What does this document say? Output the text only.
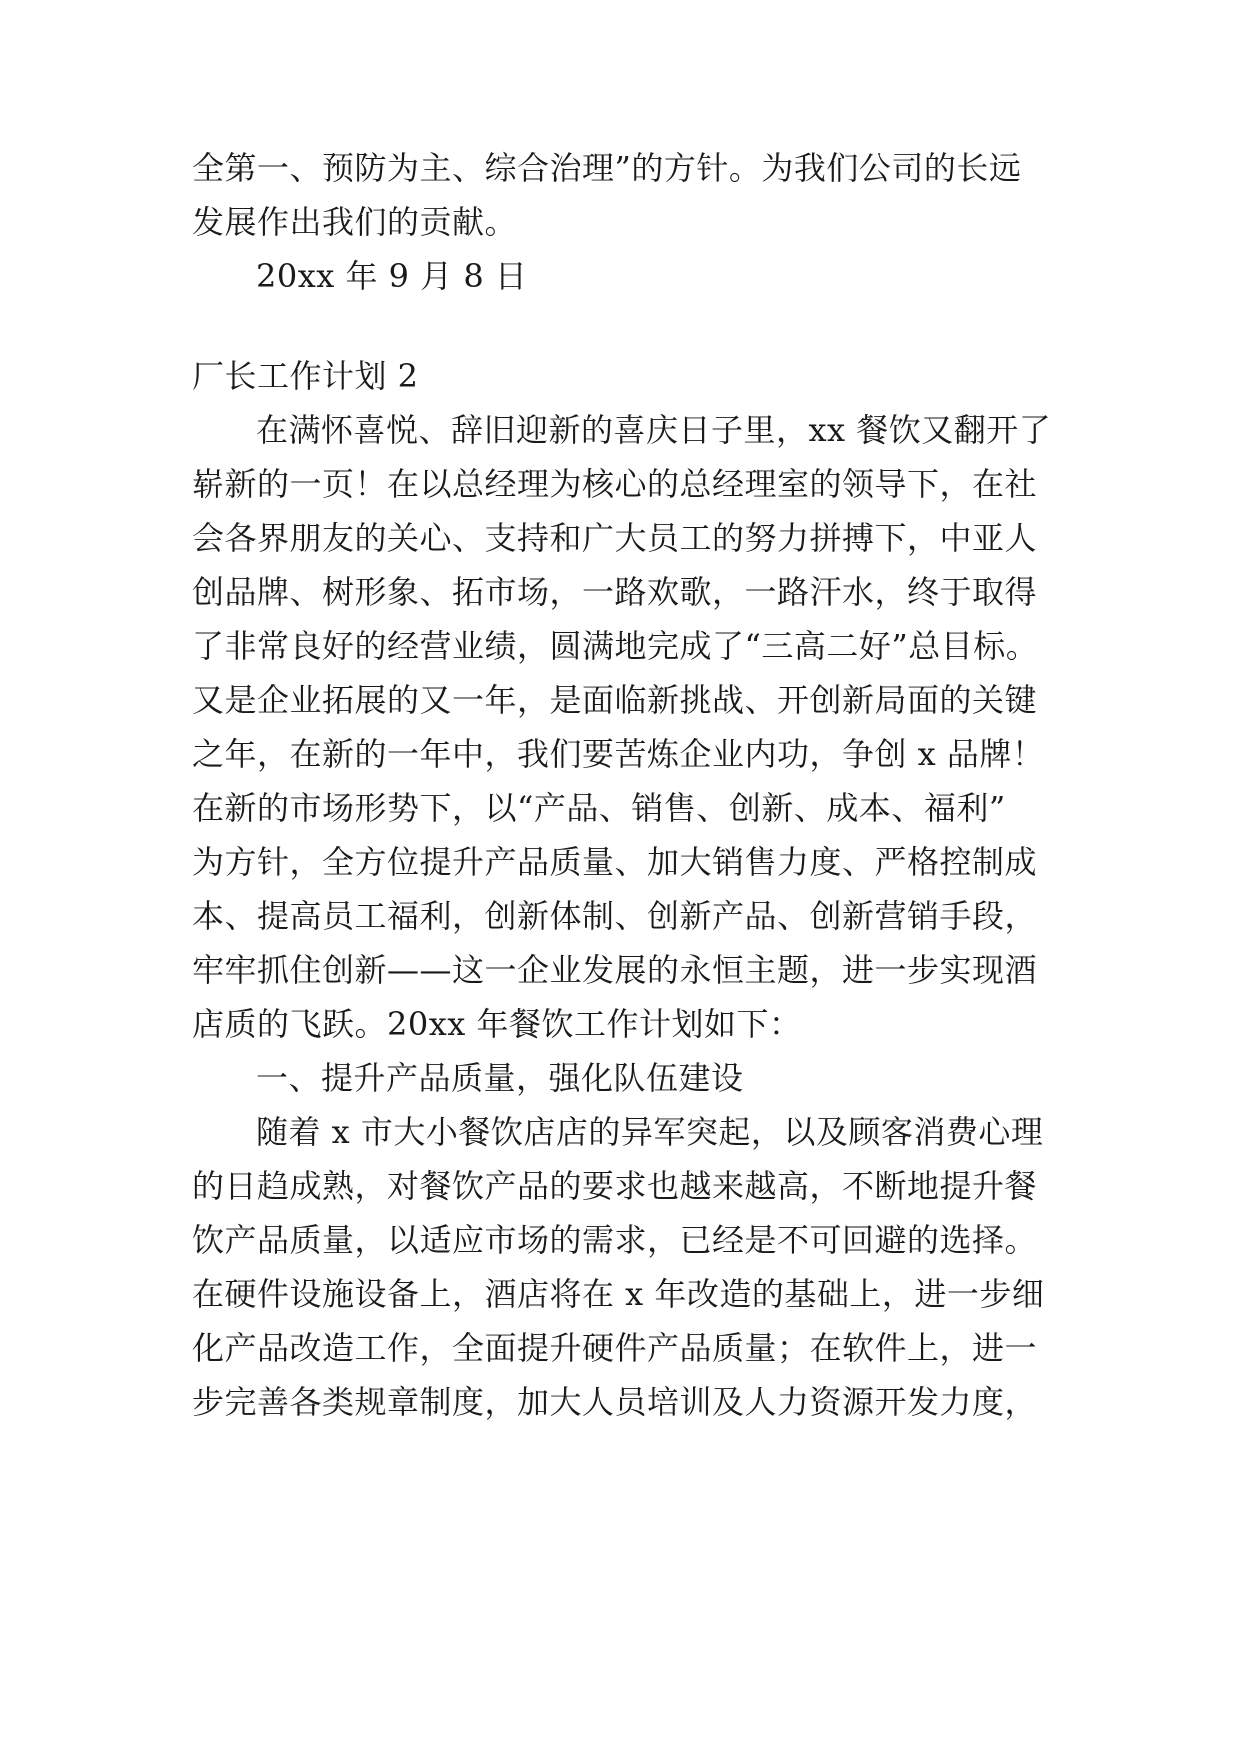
全第一、预防为主、综合治理”的方针。为我们公司的长远
发展作出我们的贡献。
20xx 年 9 月 8 日
厂长工作计划 2
在满怀喜悦、辞旧迎新的喜庆日子里，xx 餐饮又翻开了
崭新的一页！在以总经理为核心的总经理室的领导下，在社
会各界朋友的关心、支持和广大员工的努力拼搏下，中亚人
创品牌、树形象、拓市场，一路欢歌，一路汗水，终于取得
了非常良好的经营业绩，圆满地完成了“三高二好”总目标。
又是企业拓展的又一年，是面临新挑战、开创新局面的关键
之年，在新的一年中，我们要苦炼企业内功，争创 x 品牌！
在新的市场形势下，以“产品、销售、创新、成本、福利”
为方针，全方位提升产品质量、加大销售力度、严格控制成
本、提高员工福利，创新体制、创新产品、创新营销手段，
牢牢抓住创新——这一企业发展的永恒主题，进一步实现酒
店质的飞跃。20xx 年餐饮工作计划如下：
一、提升产品质量，强化队伍建设
随着 x 市大小餐饮店店的异军突起，以及顾客消费心理
的日趋成熟，对餐饮产品的要求也越来越高，不断地提升餐
饮产品质量，以适应市场的需求，已经是不可回避的选择。
在硬件设施设备上，酒店将在 x 年改造的基础上，进一步细
化产品改造工作，全面提升硬件产品质量；在软件上，进一
步完善各类规章制度，加大人员培训及人力资源开发力度，
